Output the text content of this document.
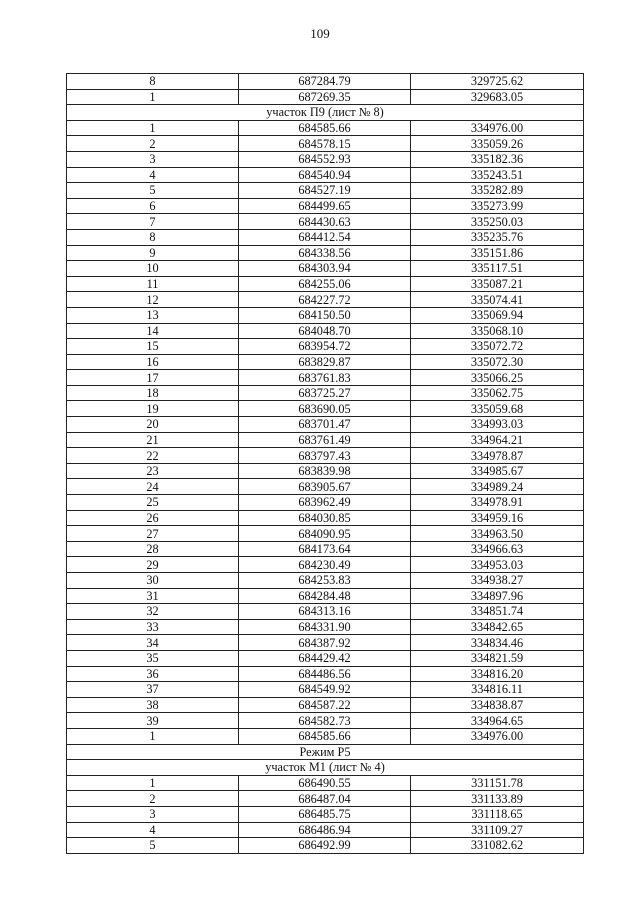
109
8	687284.79	329725.62
1	687269.35	329683.05
участок П9 (лист № 8)		
1	684585.66	334976.00
2	684578.15	335059.26
3	684552.93	335182.36
4	684540.94	335243.51
5	684527.19	335282.89
6	684499.65	335273.99
7	684430.63	335250.03
8	684412.54	335235.76
9	684338.56	335151.86
10	684303.94	335117.51
11	684255.06	335087.21
12	684227.72	335074.41
13	684150.50	335069.94
14	684048.70	335068.10
15	683954.72	335072.72
16	683829.87	335072.30
17	683761.83	335066.25
18	683725.27	335062.75
19	683690.05	335059.68
20	683701.47	334993.03
21	683761.49	334964.21
22	683797.43	334978.87
23	683839.98	334985.67
24	683905.67	334989.24
25	683962.49	334978.91
26	684030.85	334959.16
27	684090.95	334963.50
28	684173.64	334966.63
29	684230.49	334953.03
30	684253.83	334938.27
31	684284.48	334897.96
32	684313.16	334851.74
33	684331.90	334842.65
34	684387.92	334834.46
35	684429.42	334821.59
36	684486.56	334816.20
37	684549.92	334816.11
38	684587.22	334838.87
39	684582.73	334964.65
1	684585.66	334976.00
Режим Р5		
участок М1 (лист № 4)		
1	686490.55	331151.78
2	686487.04	331133.89
3	686485.75	331118.65
4	686486.94	331109.27
5	686492.99	331082.62
